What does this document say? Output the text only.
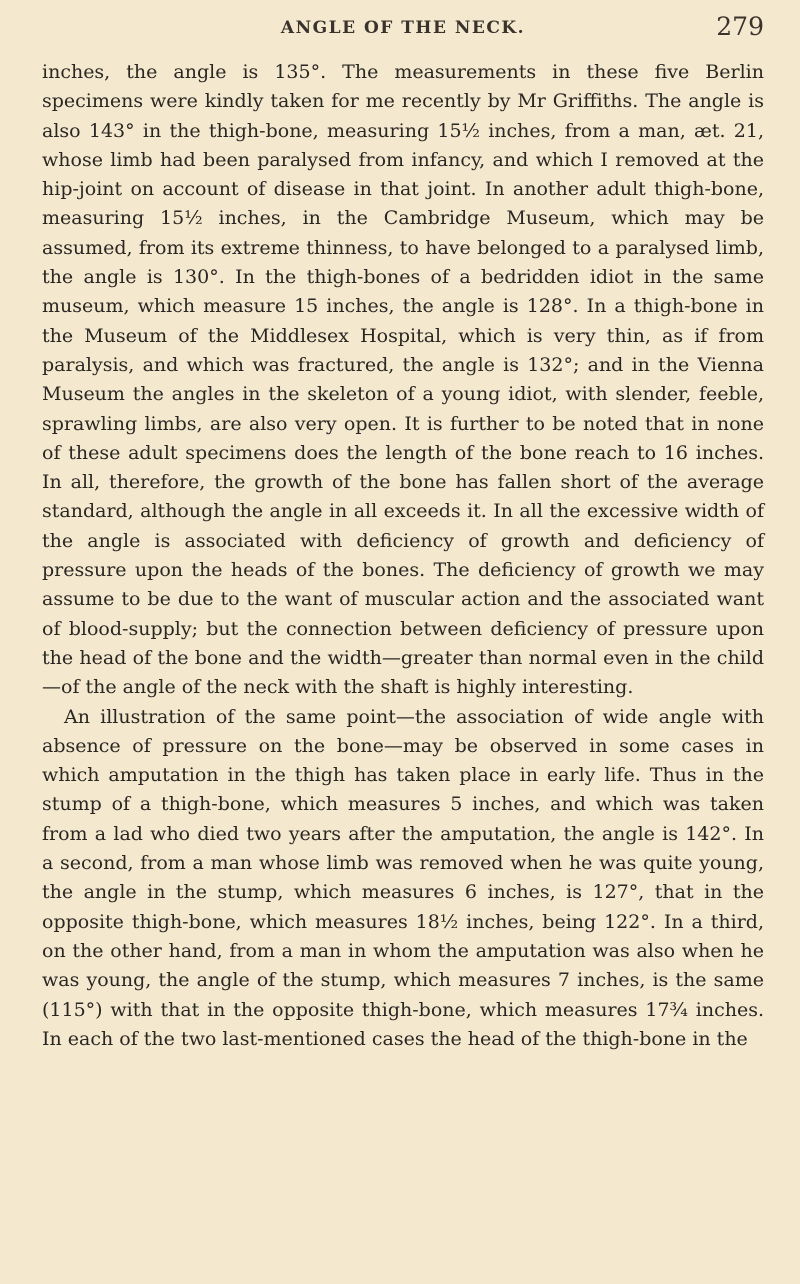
ANGLE OF THE NECK.	279

inches, the angle is 135°. The measurements in these five Berlin specimens were kindly taken for me recently by Mr Griffiths. The angle is also 143° in the thigh-bone, measuring 15½ inches, from a man, æt. 21, whose limb had been paralysed from infancy, and which I removed at the hip-joint on account of disease in that joint. In another adult thigh-bone, measuring 15½ inches, in the Cambridge Museum, which may be assumed, from its extreme thinness, to have belonged to a paralysed limb, the angle is 130°. In the thigh-bones of a bedridden idiot in the same museum, which measure 15 inches, the angle is 128°. In a thigh-bone in the Museum of the Middlesex Hospital, which is very thin, as if from paralysis, and which was fractured, the angle is 132°; and in the Vienna Museum the angles in the skeleton of a young idiot, with slender, feeble, sprawling limbs, are also very open. It is further to be noted that in none of these adult specimens does the length of the bone reach to 16 inches. In all, therefore, the growth of the bone has fallen short of the average standard, although the angle in all exceeds it. In all the excessive width of the angle is associated with deficiency of growth and deficiency of pressure upon the heads of the bones. The deficiency of growth we may assume to be due to the want of muscular action and the associated want of blood-supply; but the connection between deficiency of pressure upon the head of the bone and the width—greater than normal even in the child —of the angle of the neck with the shaft is highly interesting.

An illustration of the same point—the association of wide angle with absence of pressure on the bone—may be observed in some cases in which amputation in the thigh has taken place in early life. Thus in the stump of a thigh-bone, which measures 5 inches, and which was taken from a lad who died two years after the amputation, the angle is 142°. In a second, from a man whose limb was removed when he was quite young, the angle in the stump, which measures 6 inches, is 127°, that in the opposite thigh-bone, which measures 18½ inches, being 122°. In a third, on the other hand, from a man in whom the amputation was also when he was young, the angle of the stump, which measures 7 inches, is the same (115°) with that in the opposite thigh-bone, which measures 17¾ inches. In each of the two last-mentioned cases the head of the thigh-bone in the
